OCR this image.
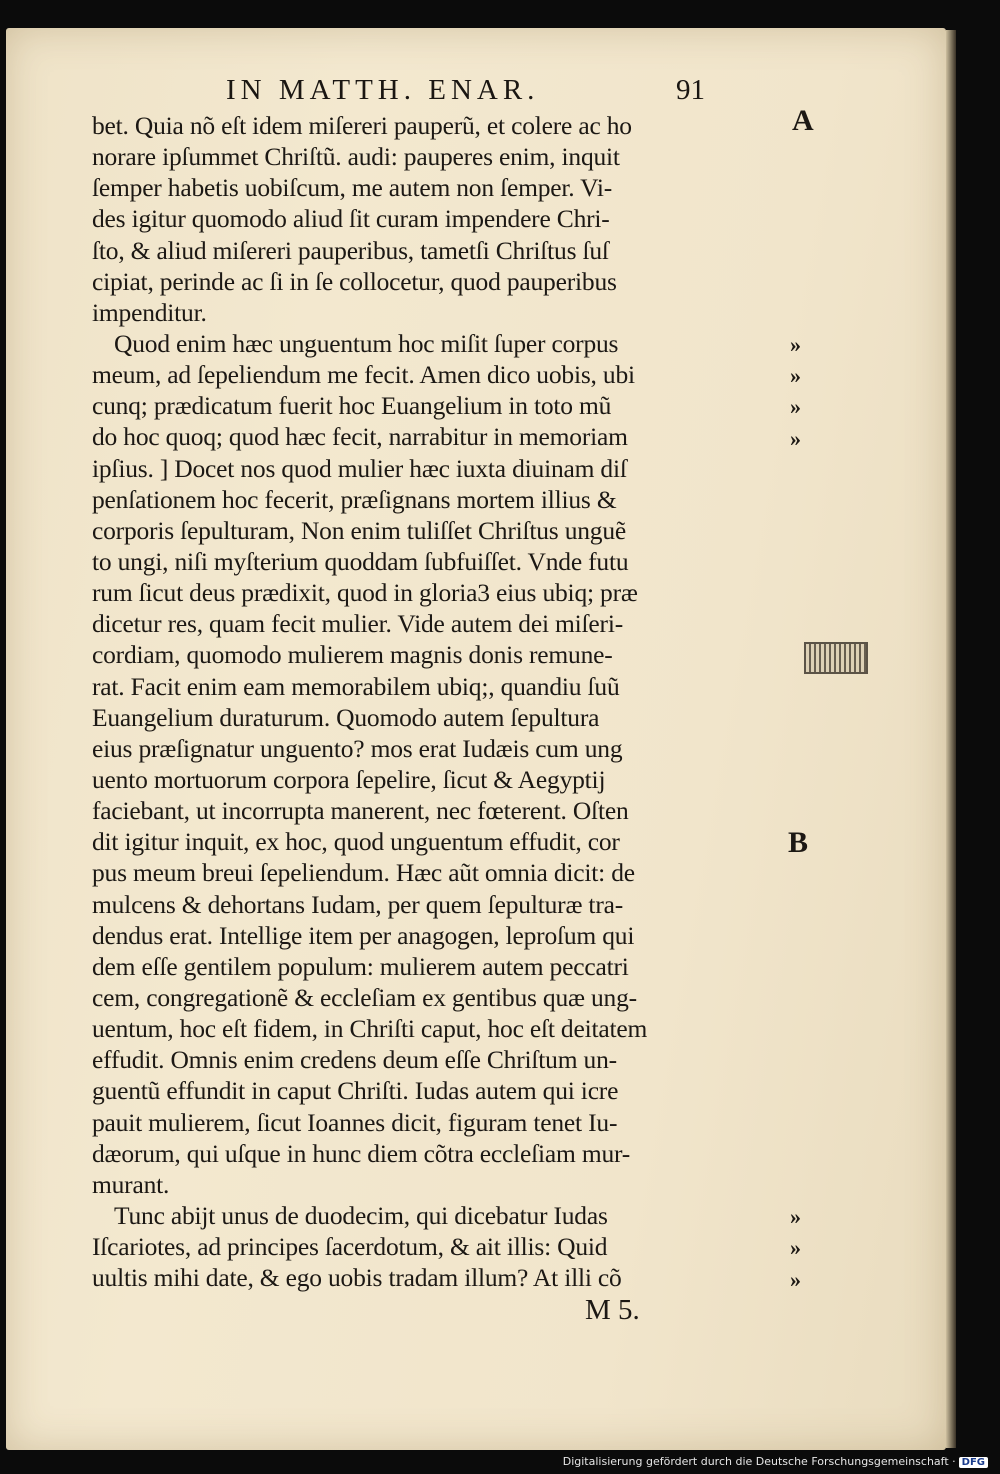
IN MATTH. ENAR.	91
bet. Quia nõ eſt idem miſereri pauperũ, et colere ac ho
norare ipſummet Chriſtũ. audi: pauperes enim, inquit
ſemper habetis uobiſcum, me autem non ſemper. Vi-
des igitur quomodo aliud ſit curam impendere Chri-
ſto, & aliud miſereri pauperibus, tametſi Chriſtus ſuſ
cipiat, perinde ac ſi in ſe collocetur, quod pauperibus
impenditur.
Quod enim hæc unguentum hoc miſit ſuper corpus
meum, ad ſepeliendum me fecit. Amen dico uobis, ubi
cunq; prædicatum fuerit hoc Euangelium in toto mũ
do hoc quoq; quod hæc fecit, narrabitur in memoriam
ipſius. ] Docet nos quod mulier hæc iuxta diuinam diſ
penſationem hoc fecerit, præſignans mortem illius &
corporis ſepulturam, Non enim tuliſſet Chriſtus unguẽ
to ungi, niſi myſterium quoddam ſubfuiſſet. Vnde futu
rum ſicut deus prædixit, quod in gloria3 eius ubiq; præ
dicetur res, quam fecit mulier. Vide autem dei miſeri-
cordiam, quomodo mulierem magnis donis remune-
rat. Facit enim eam memorabilem ubiq;, quandiu ſuũ
Euangelium duraturum. Quomodo autem ſepultura
eius præſignatur unguento? mos erat Iudæis cum ung
uento mortuorum corpora ſepelire, ſicut & Aegyptij
faciebant, ut incorrupta manerent, nec fœterent. Oſten
dit igitur inquit, ex hoc, quod unguentum effudit, cor
pus meum breui ſepeliendum. Hæc aũt omnia dicit: de
mulcens & dehortans Iudam, per quem ſepulturæ tra-
dendus erat. Intellige item per anagogen, leproſum qui
dem eſſe gentilem populum: mulierem autem peccatri
cem, congregationẽ & eccleſiam ex gentibus quæ ung-
uentum, hoc eſt fidem, in Chriſti caput, hoc eſt deitatem
effudit. Omnis enim credens deum eſſe Chriſtum un-
guentũ effundit in caput Chriſti. Iudas autem qui icre
pauit mulierem, ſicut Ioannes dicit, figuram tenet Iu-
dæorum, qui uſque in hunc diem cõtra eccleſiam mur-
murant.
Tunc abijt unus de duodecim, qui dicebatur Iudas
Iſcariotes, ad principes ſacerdotum, & ait illis: Quid
uultis mihi date, & ego uobis tradam illum? At illi cõ
A
B
M 5.
Digitalisierung gefördert durch die Deutsche Forschungsgemeinschaft · DFG
»
»
»
»
»
»
»
